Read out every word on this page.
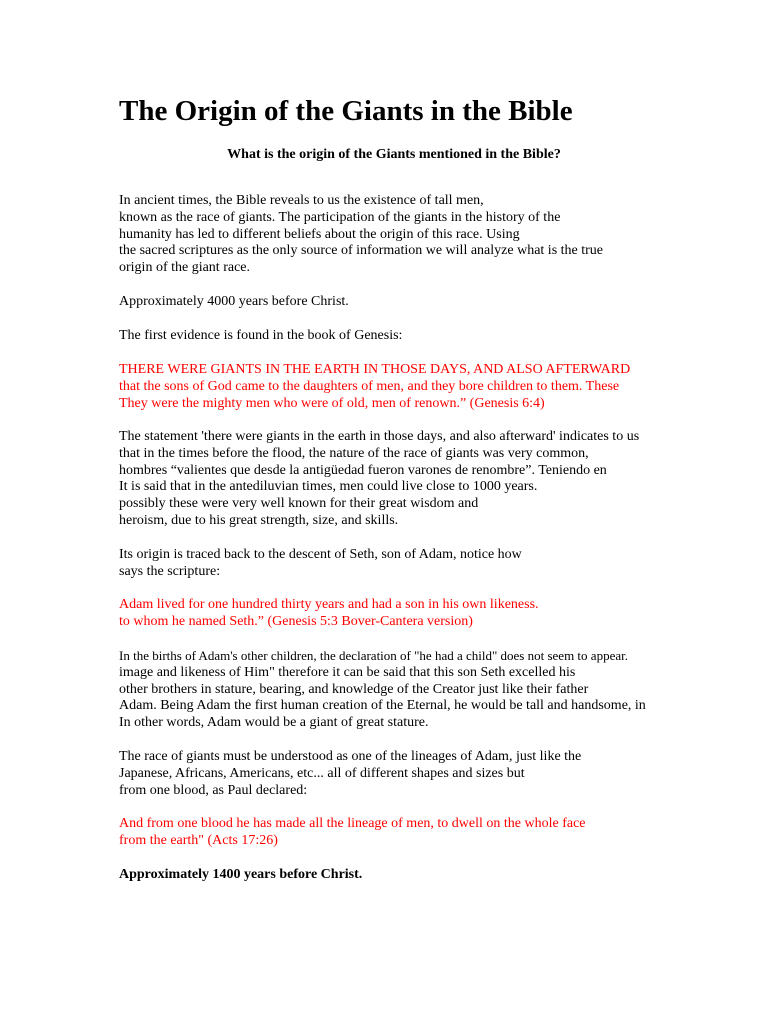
The Origin of the Giants in the Bible
What is the origin of the Giants mentioned in the Bible?

In ancient times, the Bible reveals to us the existence of tall men,
known as the race of giants. The participation of the giants in the history of the
humanity has led to different beliefs about the origin of this race. Using
the sacred scriptures as the only source of information we will analyze what is the true
origin of the giant race.

Approximately 4000 years before Christ.

The first evidence is found in the book of Genesis:

THERE WERE GIANTS IN THE EARTH IN THOSE DAYS, AND ALSO AFTERWARD
that the sons of God came to the daughters of men, and they bore children to them. These
They were the mighty men who were of old, men of renown.” (Genesis 6:4)

The statement 'there were giants in the earth in those days, and also afterward' indicates to us
that in the times before the flood, the nature of the race of giants was very common,
hombres “valientes que desde la antigüedad fueron varones de renombre”. Teniendo en
It is said that in the antediluvian times, men could live close to 1000 years.
possibly these were very well known for their great wisdom and
heroism, due to his great strength, size, and skills.

Its origin is traced back to the descent of Seth, son of Adam, notice how
says the scripture:

Adam lived for one hundred thirty years and had a son in his own likeness.
to whom he named Seth.” (Genesis 5:3 Bover-Cantera version)

In the births of Adam's other children, the declaration of "he had a child" does not seem to appear.
image and likeness of Him" therefore it can be said that this son Seth excelled his
other brothers in stature, bearing, and knowledge of the Creator just like their father
Adam. Being Adam the first human creation of the Eternal, he would be tall and handsome, in
In other words, Adam would be a giant of great stature.

The race of giants must be understood as one of the lineages of Adam, just like the
Japanese, Africans, Americans, etc... all of different shapes and sizes but
from one blood, as Paul declared:

And from one blood he has made all the lineage of men, to dwell on the whole face
from the earth" (Acts 17:26)

Approximately 1400 years before Christ.
